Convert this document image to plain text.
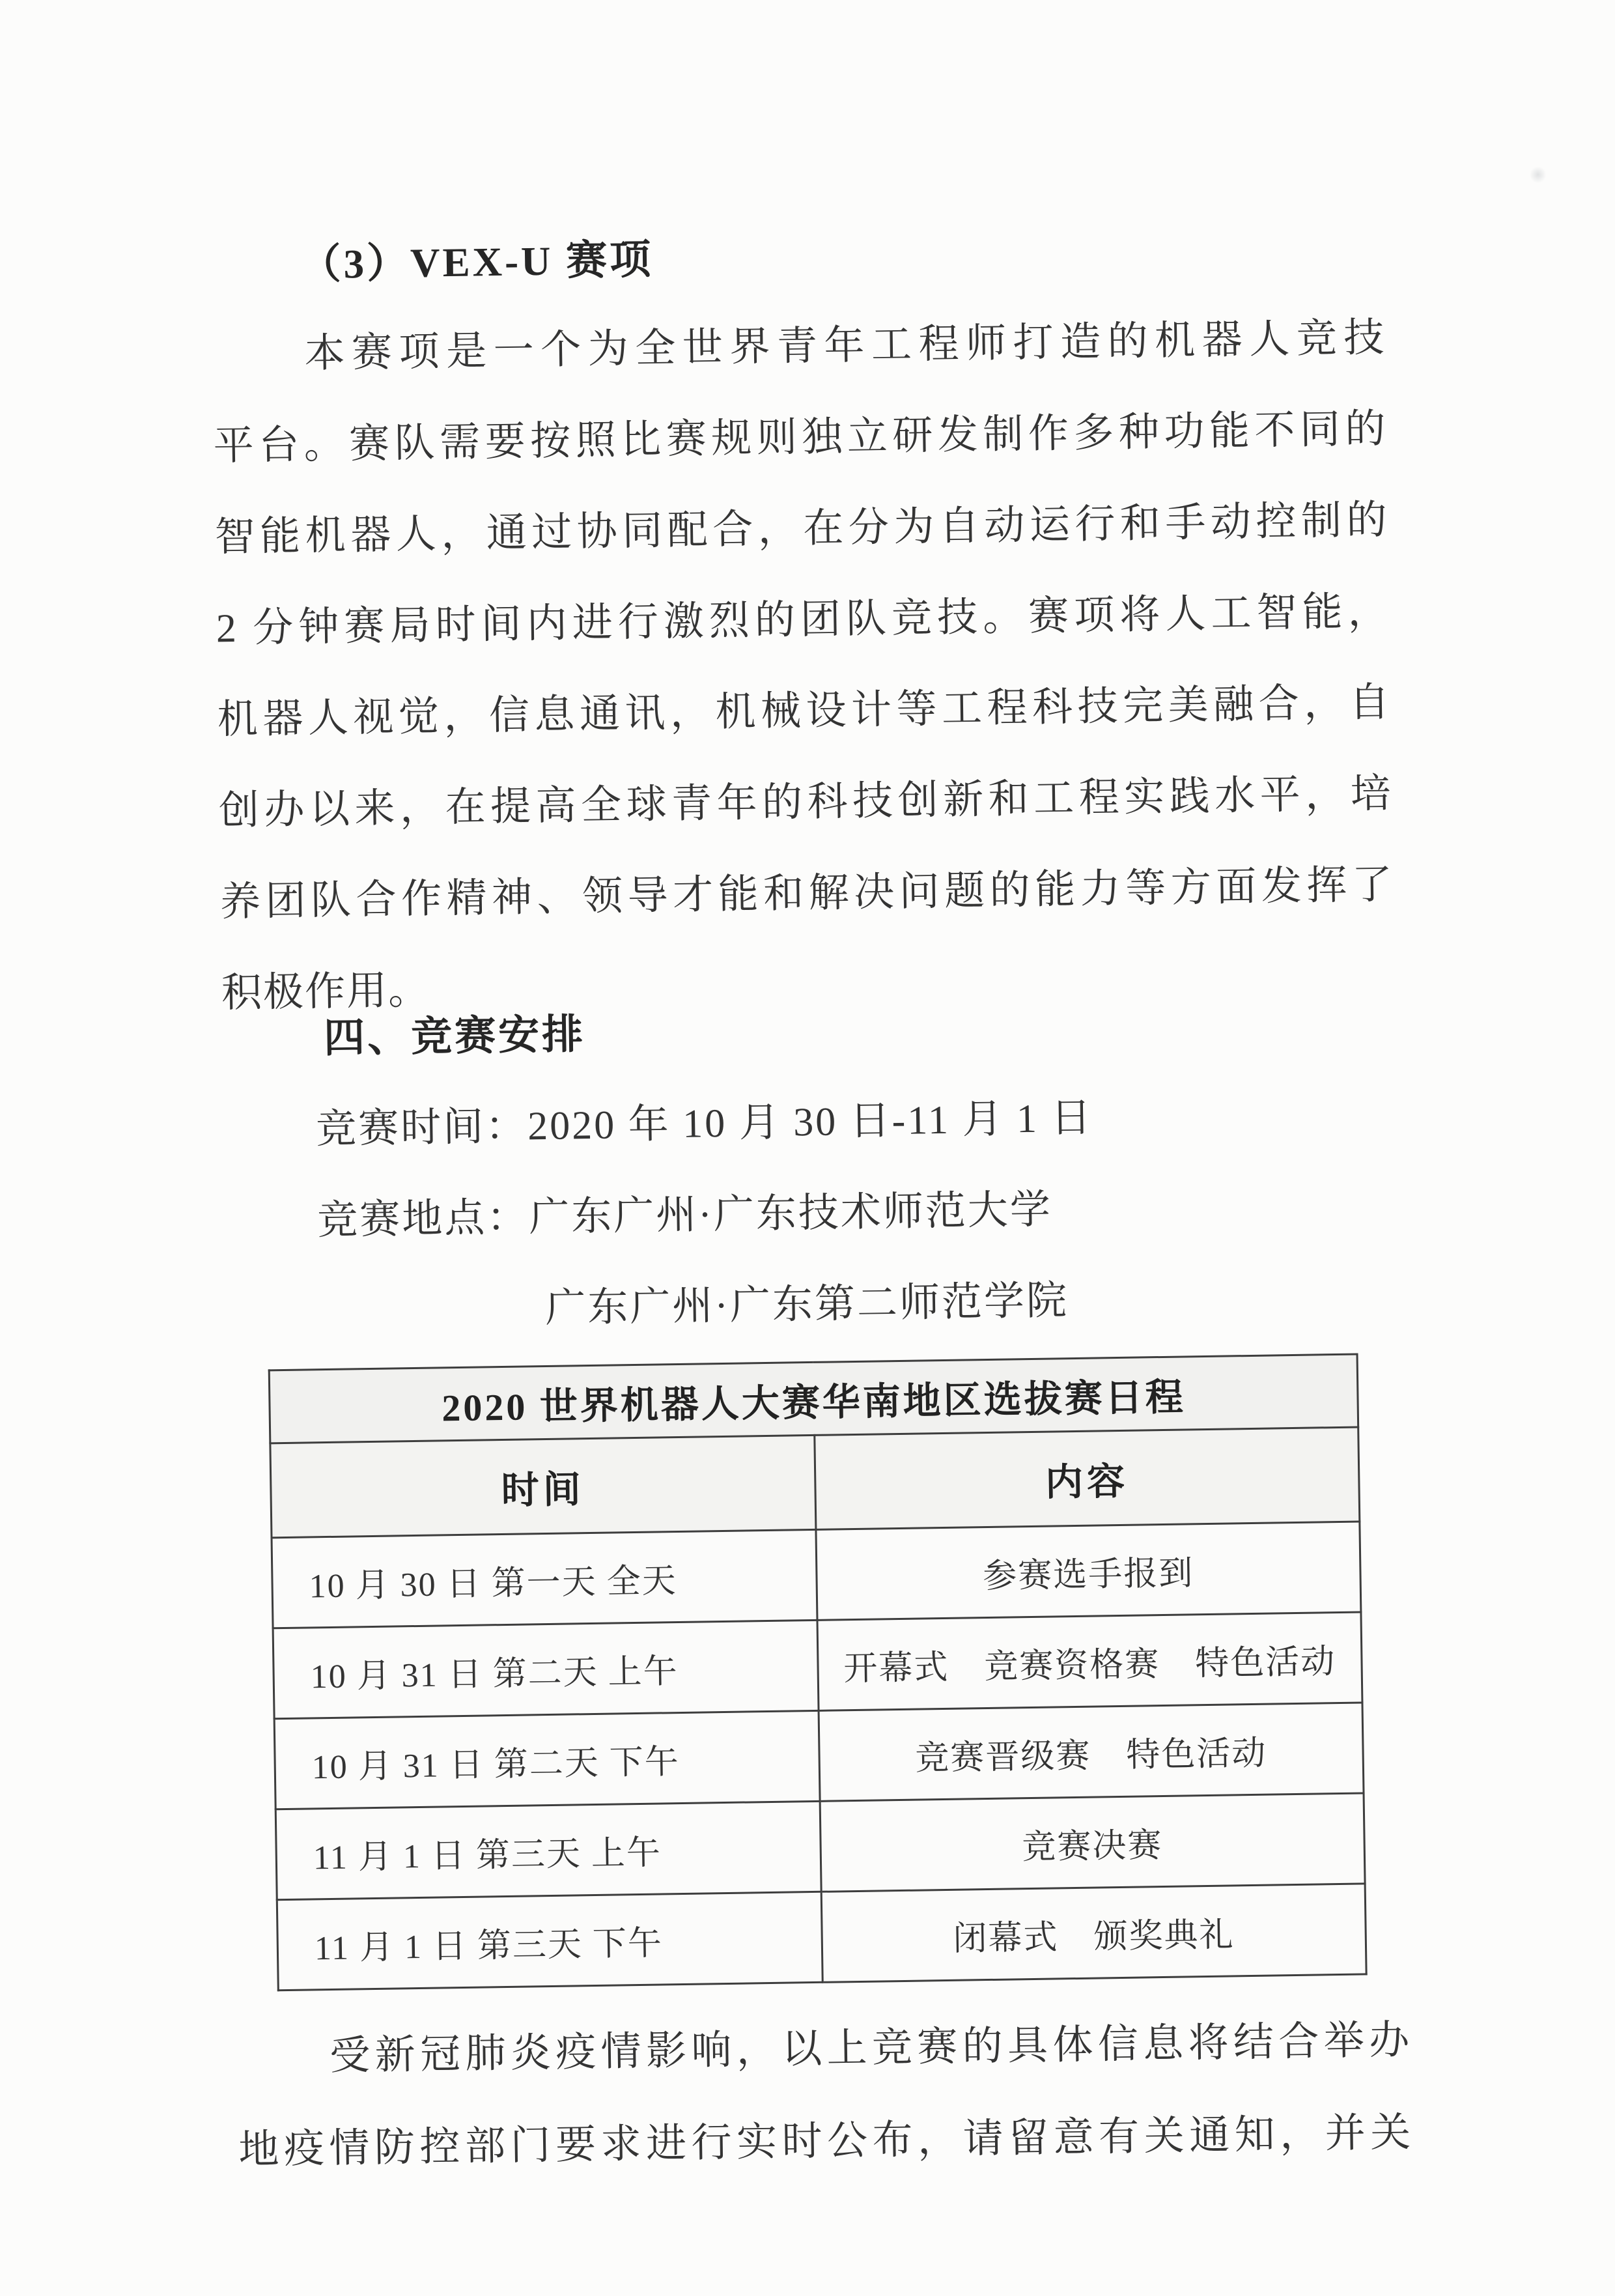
（3）VEX-U 赛项
本赛项是一个为全世界青年工程师打造的机器人竞技
平台。赛队需要按照比赛规则独立研发制作多种功能不同的
智能机器人，通过协同配合，在分为自动运行和手动控制的
2 分钟赛局时间内进行激烈的团队竞技。赛项将人工智能，
机器人视觉，信息通讯，机械设计等工程科技完美融合，自
创办以来，在提高全球青年的科技创新和工程实践水平，培
养团队合作精神、领导才能和解决问题的能力等方面发挥了
积极作用。
四、竞赛安排
竞赛时间：2020 年 10 月 30 日-11 月 1 日
竞赛地点：广东广州·广东技术师范大学
广东广州·广东第二师范学院
2020 世界机器人大赛华南地区选拔赛日程	
时间	内容
10 月 30 日 第一天 全天	参赛选手报到
10 月 31 日 第二天 上午	开幕式　竞赛资格赛　特色活动
10 月 31 日 第二天 下午	竞赛晋级赛　特色活动
11 月 1 日 第三天 上午	竞赛决赛
11 月 1 日 第三天 下午	闭幕式　颁奖典礼
受新冠肺炎疫情影响，以上竞赛的具体信息将结合举办
地疫情防控部门要求进行实时公布，请留意有关通知，并关
